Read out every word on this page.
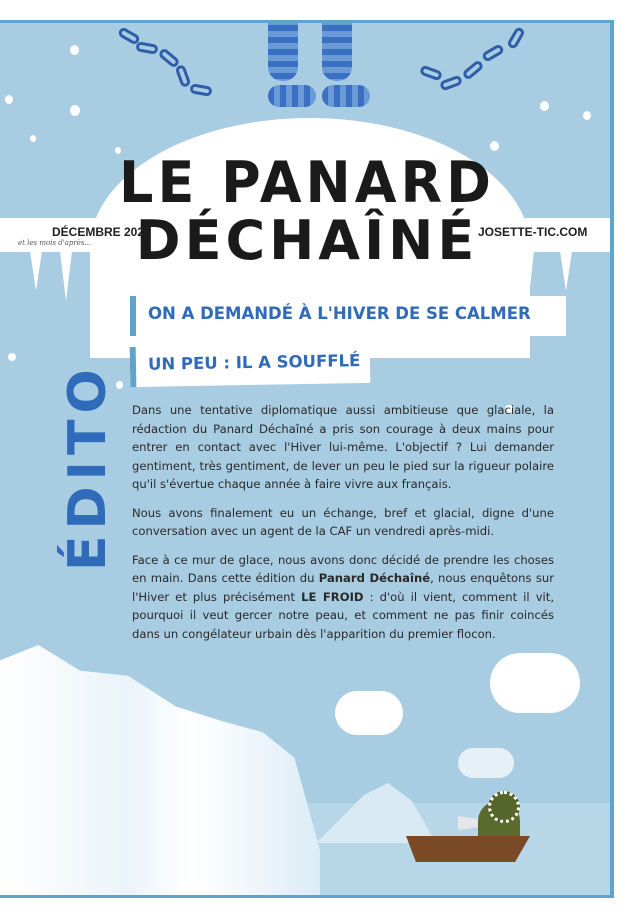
LE PANARD
DÉCHAÎNÉ
DÉCEMBRE 2025
et les mois d'après...
JOSETTE-TIC.COM
ÉDITO
ON A DEMANDÉ À L'HIVER DE SE CALMER
UN PEU : IL A SOUFFLÉ

Dans une tentative diplomatique aussi ambitieuse que glaciale, la rédaction du Panard Déchaîné a pris son courage à deux mains pour entrer en contact avec l'Hiver lui-même. L'objectif ? Lui demander gentiment, très gentiment, de lever un peu le pied sur la rigueur polaire qu'il s'évertue chaque année à faire vivre aux français.

Nous avons finalement eu un échange, bref et glacial, digne d'une conversation avec un agent de la CAF un vendredi après-midi.

Face à ce mur de glace, nous avons donc décidé de prendre les choses en main. Dans cette édition du Panard Déchaîné, nous enquêtons sur l'Hiver et plus précisément LE FROID : d'où il vient, comment il vit, pourquoi il veut gercer notre peau, et comment ne pas finir coincés dans un congélateur urbain dès l'apparition du premier flocon.
